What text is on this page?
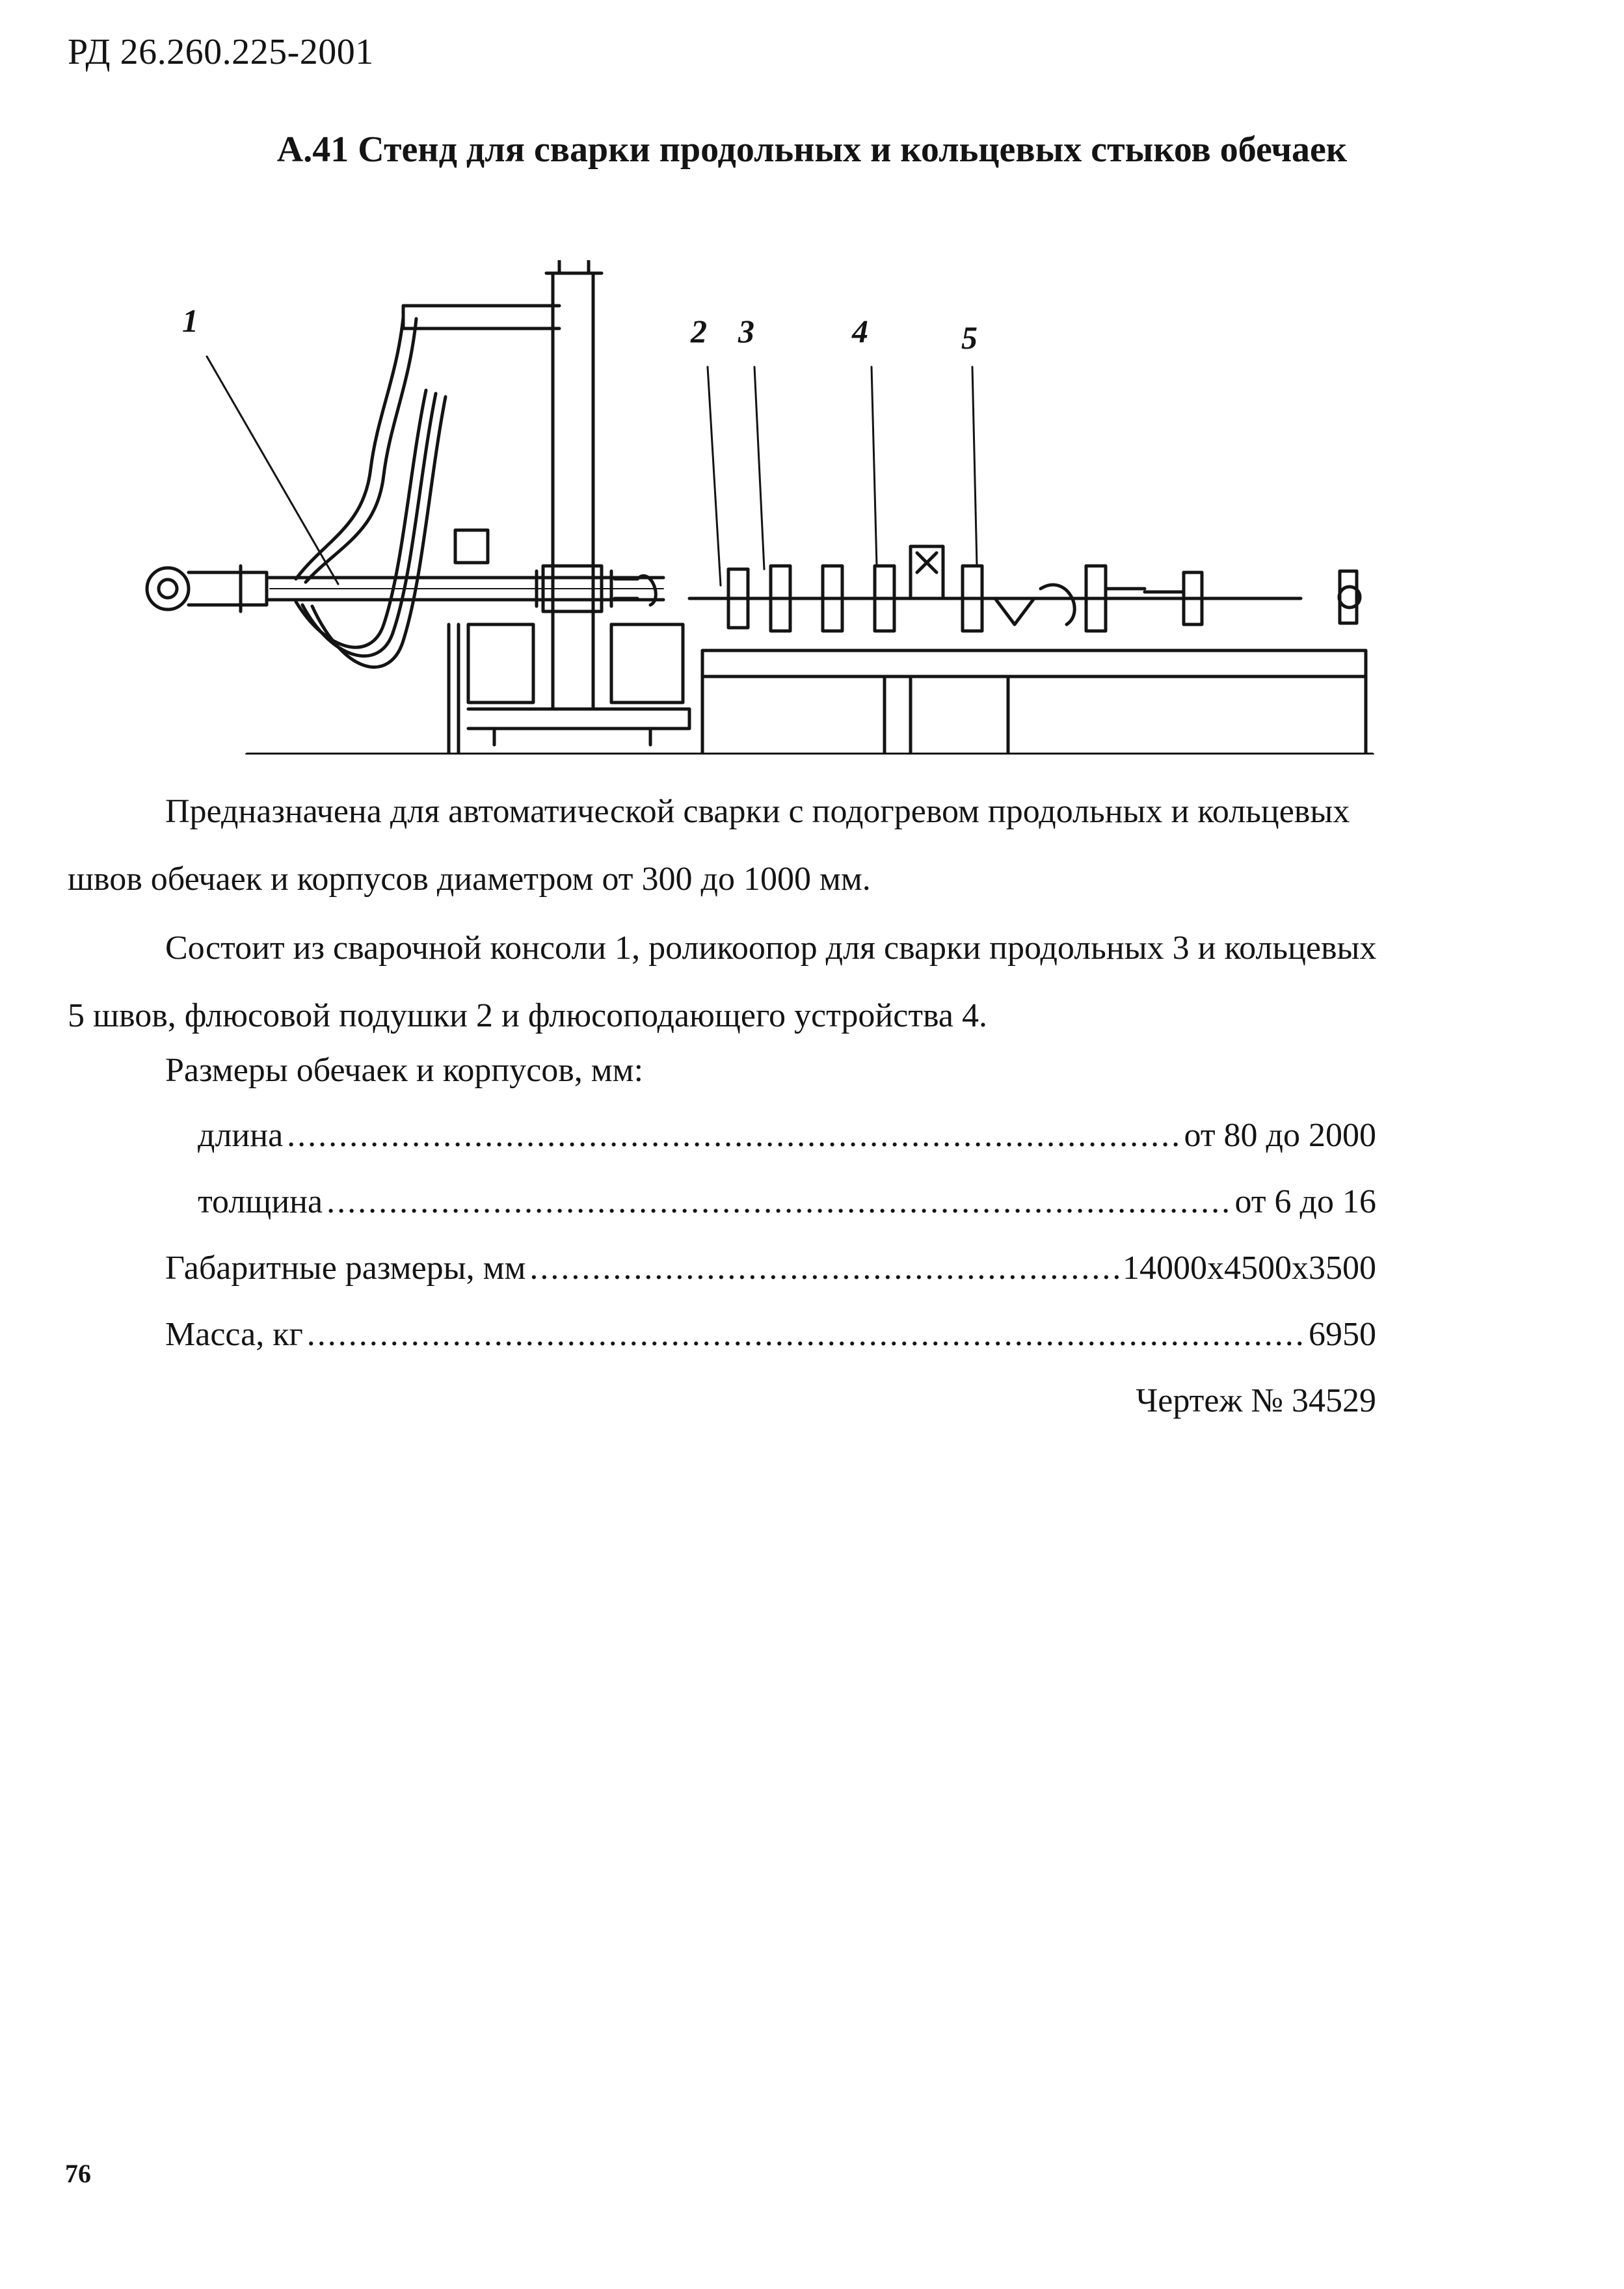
РД 26.260.225-2001
А.41 Стенд для сварки продольных и кольцевых стыков обечаек
1	2 3	4	5
Предназначена для автоматической сварки с подогревом продольных и кольцевых швов обечаек и корпусов диаметром от 300 до 1000 мм.
Состоит из сварочной консоли 1, роликоопор для сварки продольных 3 и кольцевых 5 швов, флюсовой подушки 2 и флюсоподающего устройства 4.
Размеры обечаек и корпусов, мм:
длина .....	от 80 до 2000
толщина .....	от 6 до 16
Габаритные размеры, мм .....	14000х4500х3500
Масса, кг .....	6950
Чертеж № 34529
76
